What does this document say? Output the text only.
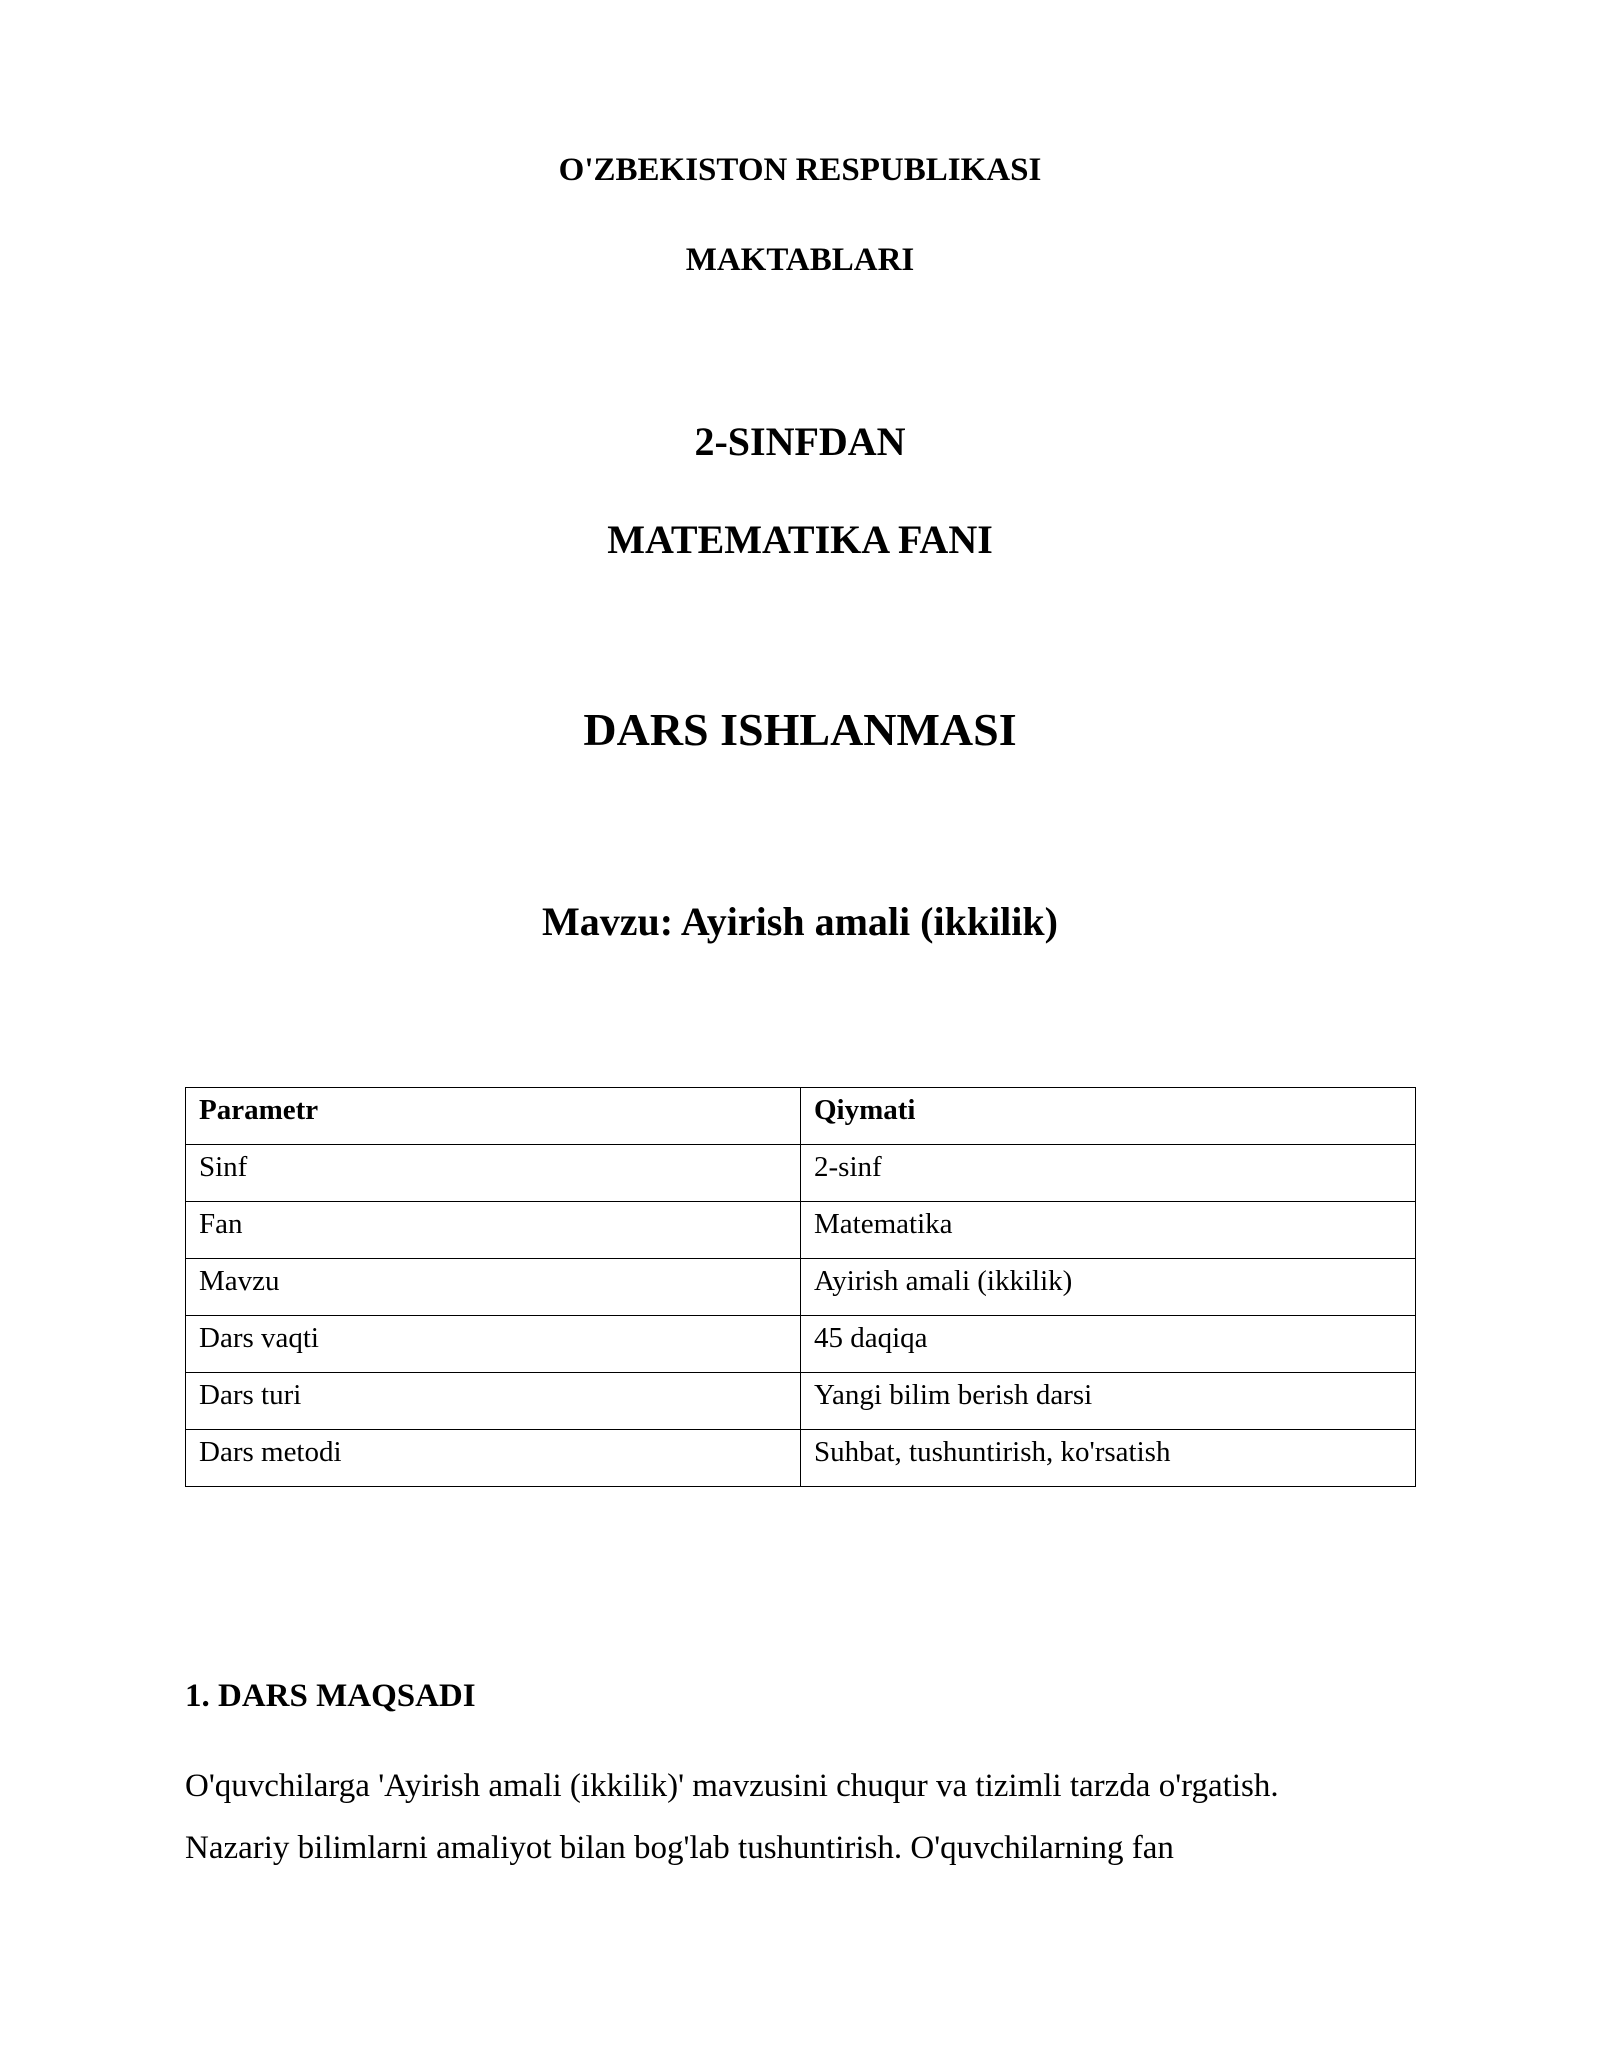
O'ZBEKISTON RESPUBLIKASI
MAKTABLARI
2-SINFDAN
MATEMATIKA FANI
DARS ISHLANMASI
Mavzu: Ayirish amali (ikkilik)
Parametr	Qiymati
Sinf	2-sinf
Fan	Matematika
Mavzu	Ayirish amali (ikkilik)
Dars vaqti	45 daqiqa
Dars turi	Yangi bilim berish darsi
Dars metodi	Suhbat, tushuntirish, ko'rsatish
1. DARS MAQSADI
O'quvchilarga 'Ayirish amali (ikkilik)' mavzusini chuqur va tizimli tarzda o'rgatish.
Nazariy bilimlarni amaliyot bilan bog'lab tushuntirish. O'quvchilarning fan
